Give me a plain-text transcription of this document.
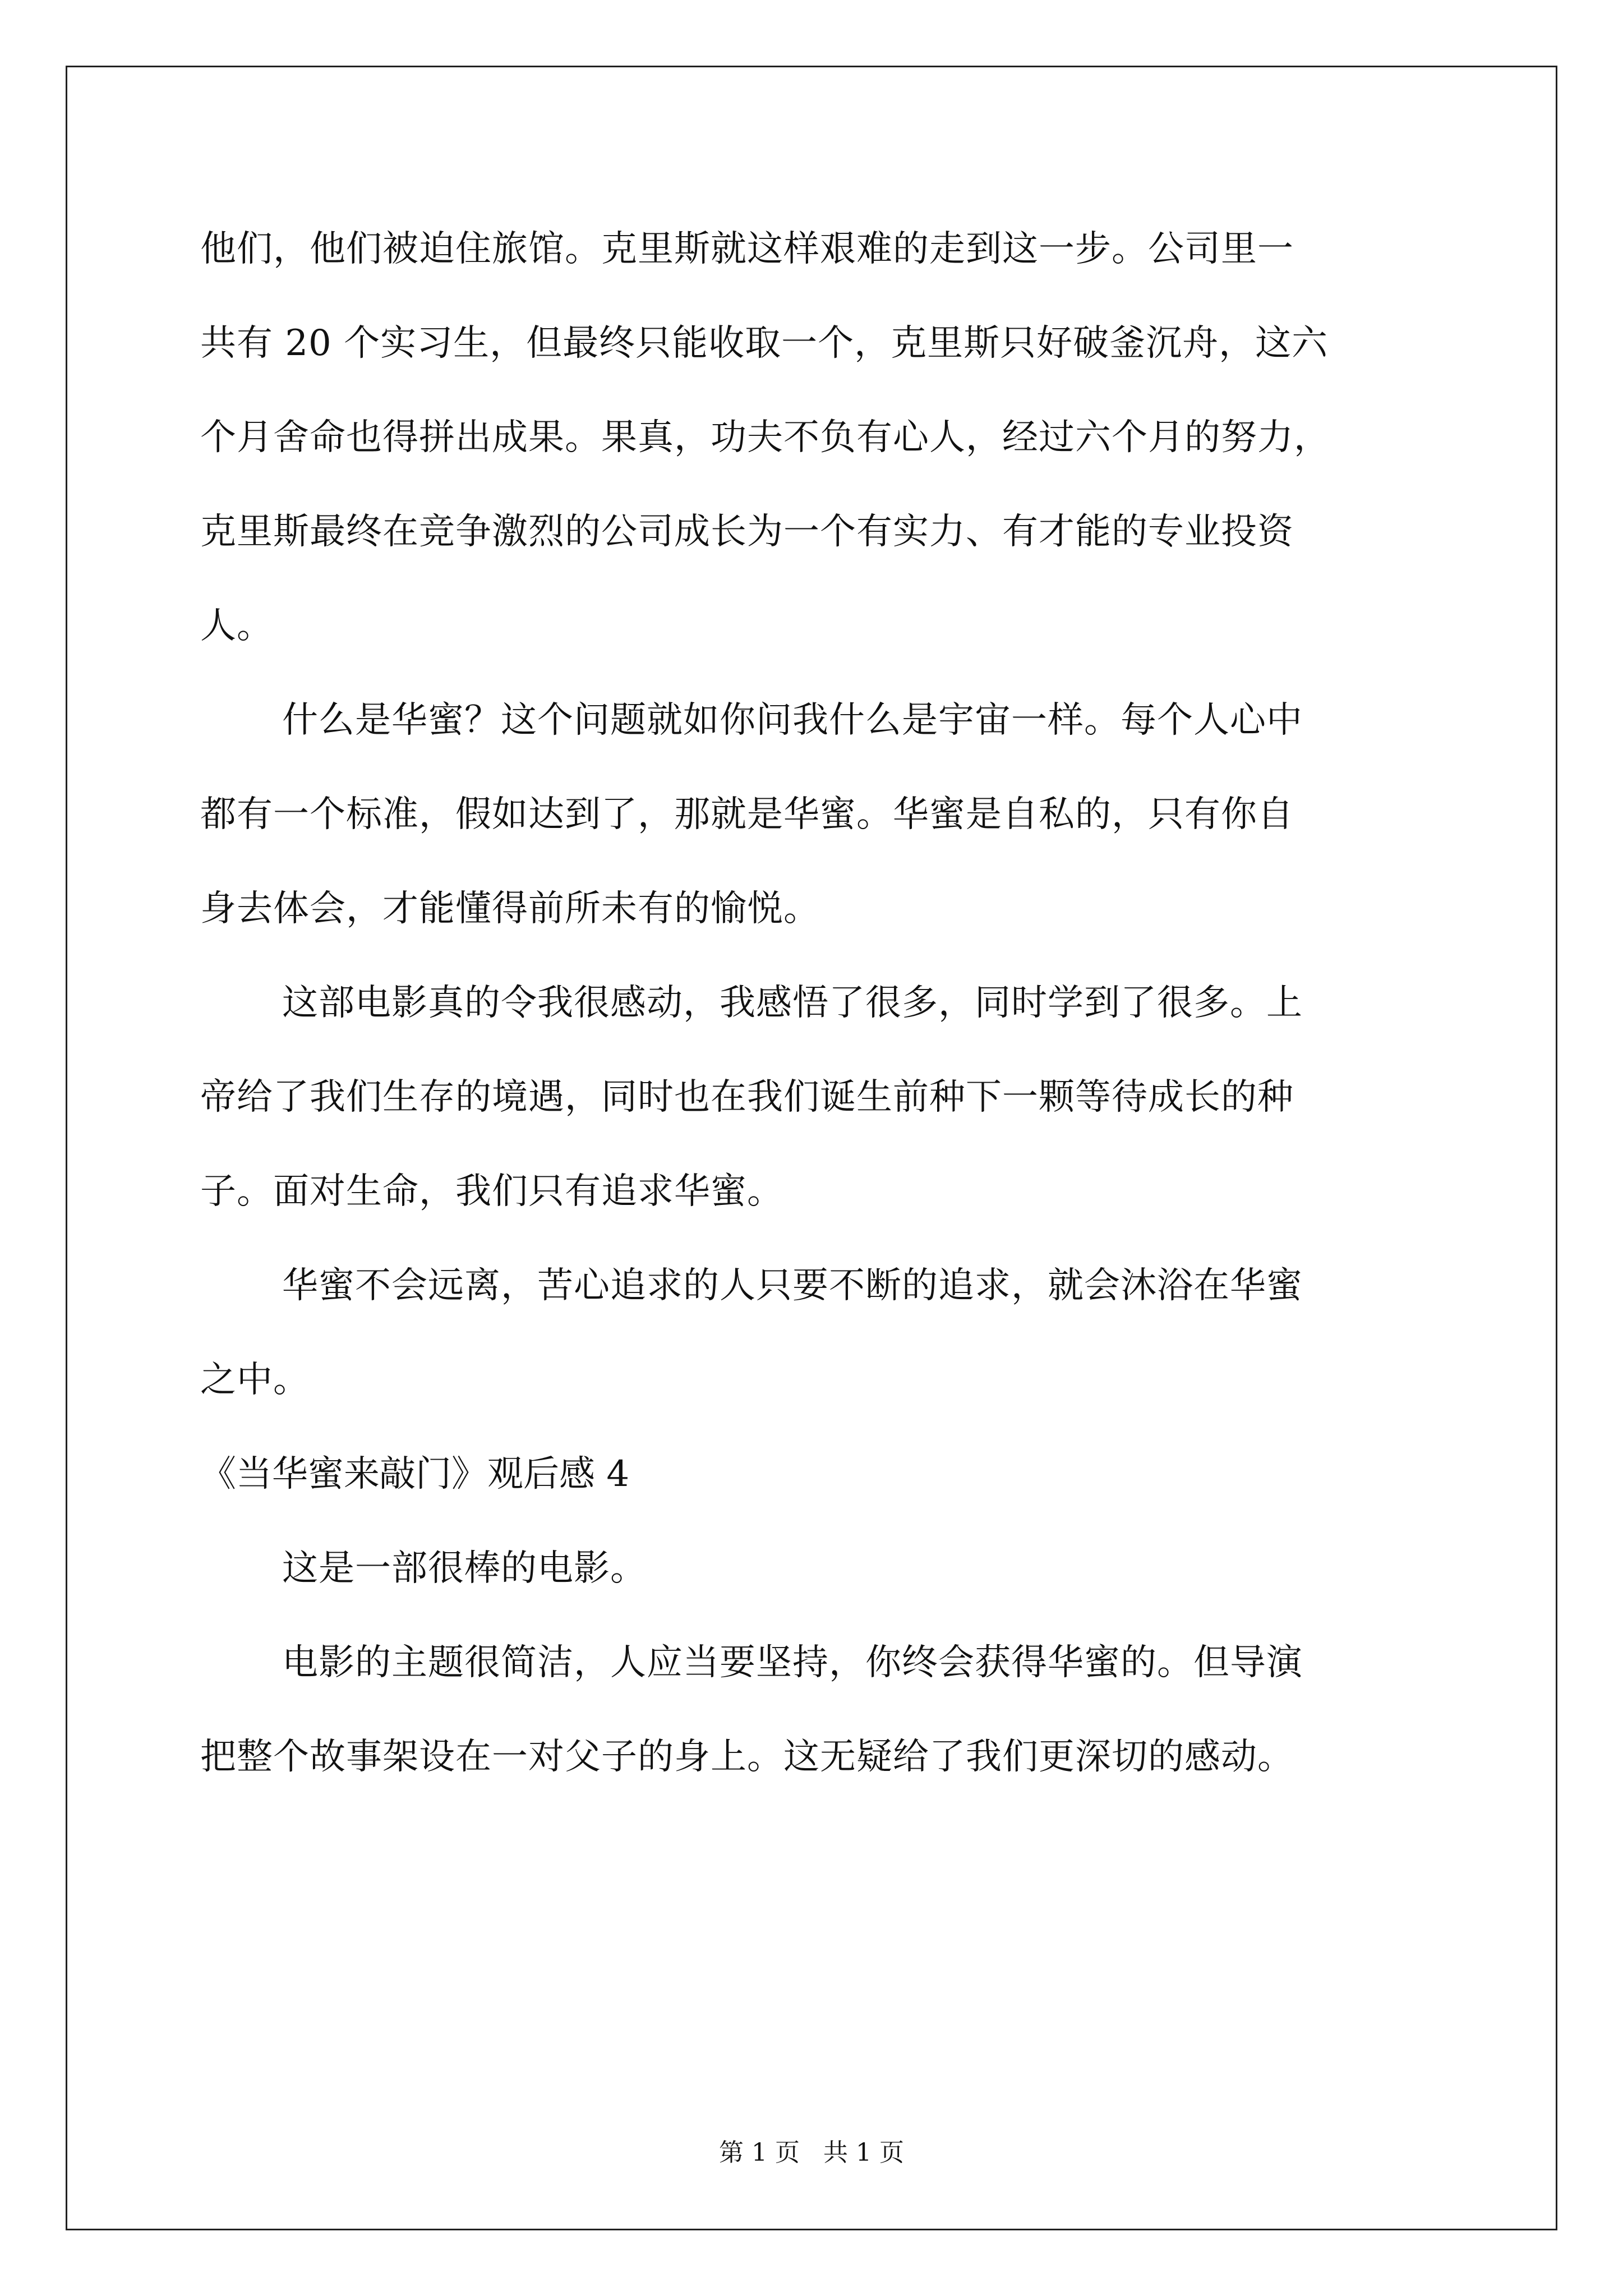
他们，他们被迫住旅馆。克里斯就这样艰难的走到这一步。公司里一
共有 20 个实习生，但最终只能收取一个，克里斯只好破釜沉舟，这六
个月舍命也得拼出成果。果真，功夫不负有心人，经过六个月的努力，
克里斯最终在竞争激烈的公司成长为一个有实力、有才能的专业投资
人。
什么是华蜜？这个问题就如你问我什么是宇宙一样。每个人心中
都有一个标准，假如达到了，那就是华蜜。华蜜是自私的，只有你自
身去体会，才能懂得前所未有的愉悦。
这部电影真的令我很感动，我感悟了很多，同时学到了很多。上
帝给了我们生存的境遇，同时也在我们诞生前种下一颗等待成长的种
子。面对生命，我们只有追求华蜜。
华蜜不会远离，苦心追求的人只要不断的追求，就会沐浴在华蜜
之中。
《当华蜜来敲门》观后感 4
这是一部很棒的电影。
电影的主题很简洁，人应当要坚持，你终会获得华蜜的。但导演
把整个故事架设在一对父子的身上。这无疑给了我们更深切的感动。
第 1 页   共 1 页
